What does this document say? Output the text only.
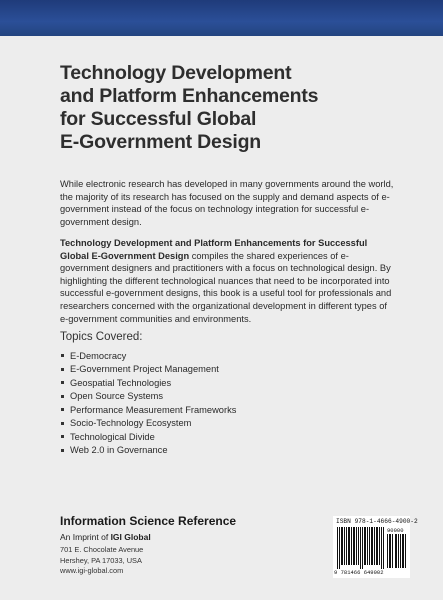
Technology Development
and Platform Enhancements
for Successful Global
E-Government Design
While electronic research has developed in many governments around the world, the majority of its research has focused on the supply and demand aspects of e-government instead of the focus on technology integration for successful e-government design.
Technology Development and Platform Enhancements for Successful Global E-Government Design compiles the shared experiences of e-government designers and practitioners with a focus on technological design. By highlighting the different technological nuances that need to be incorporated into successful e-government designs, this book is a useful tool for professionals and researchers concerned with the organizational development in different types of e-government communities and environments.
Topics Covered:
E-Democracy
E-Government Project Management
Geospatial Technologies
Open Source Systems
Performance Measurement Frameworks
Socio-Technology Ecosystem
Technological Divide
Web 2.0 in Governance
Information Science Reference
An Imprint of IGI Global
701 E. Chocolate Avenue
Hershey, PA 17033, USA
www.igi-global.com
ISBN 978-1-4666-4900-2
90000
9 781466 649002
